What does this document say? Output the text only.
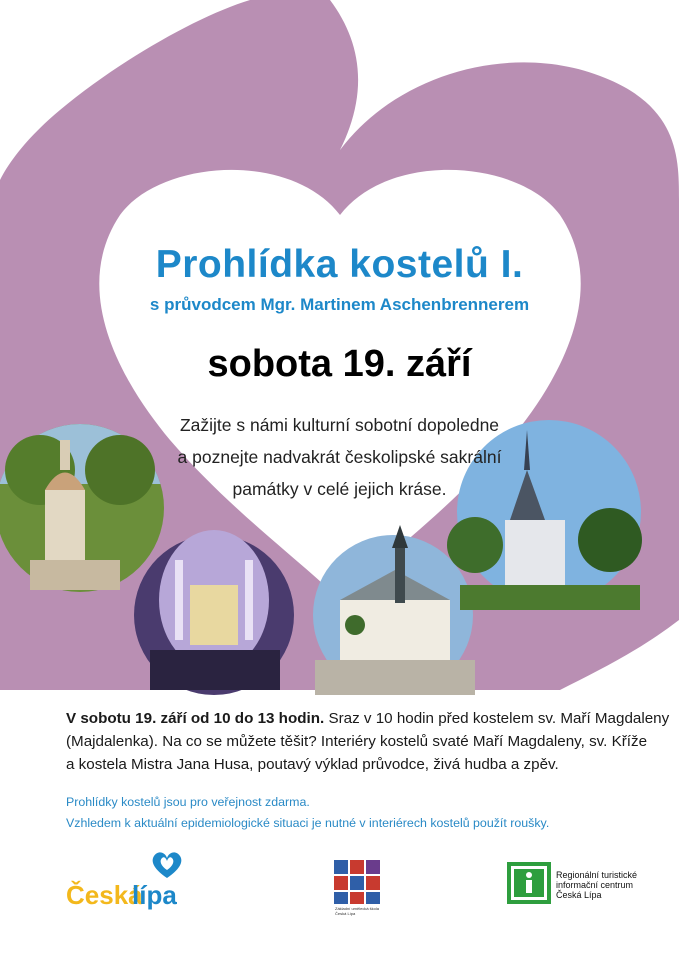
Prohlídka kostelů I.
s průvodcem Mgr. Martinem Aschenbrennerem
sobota 19. září
Zažijte s námi kulturní sobotní dopoledne
a poznejte nadvakrát českolipské sakrální
památky v celé jejich kráse.
V sobotu 19. září od 10 do 13 hodin. Sraz v 10 hodin před kostelem sv. Maří Magdaleny
(Majdalenka). Na co se můžete těšit? Interiéry kostelů svaté Maří Magdaleny, sv. Kříže
a kostela Mistra Jana Husa, poutavý výklad průvodce, živá hudba a zpěv.
Prohlídky kostelů jsou pro veřejnost zdarma.
Vzhledem k aktuální epidemiologické situaci je nutné v interiérech kostelů použít roušky.
Česká
lípa	Základní umělecká škola Česká Lípa
Regionální turistické
informační centrum
Česká Lípa
